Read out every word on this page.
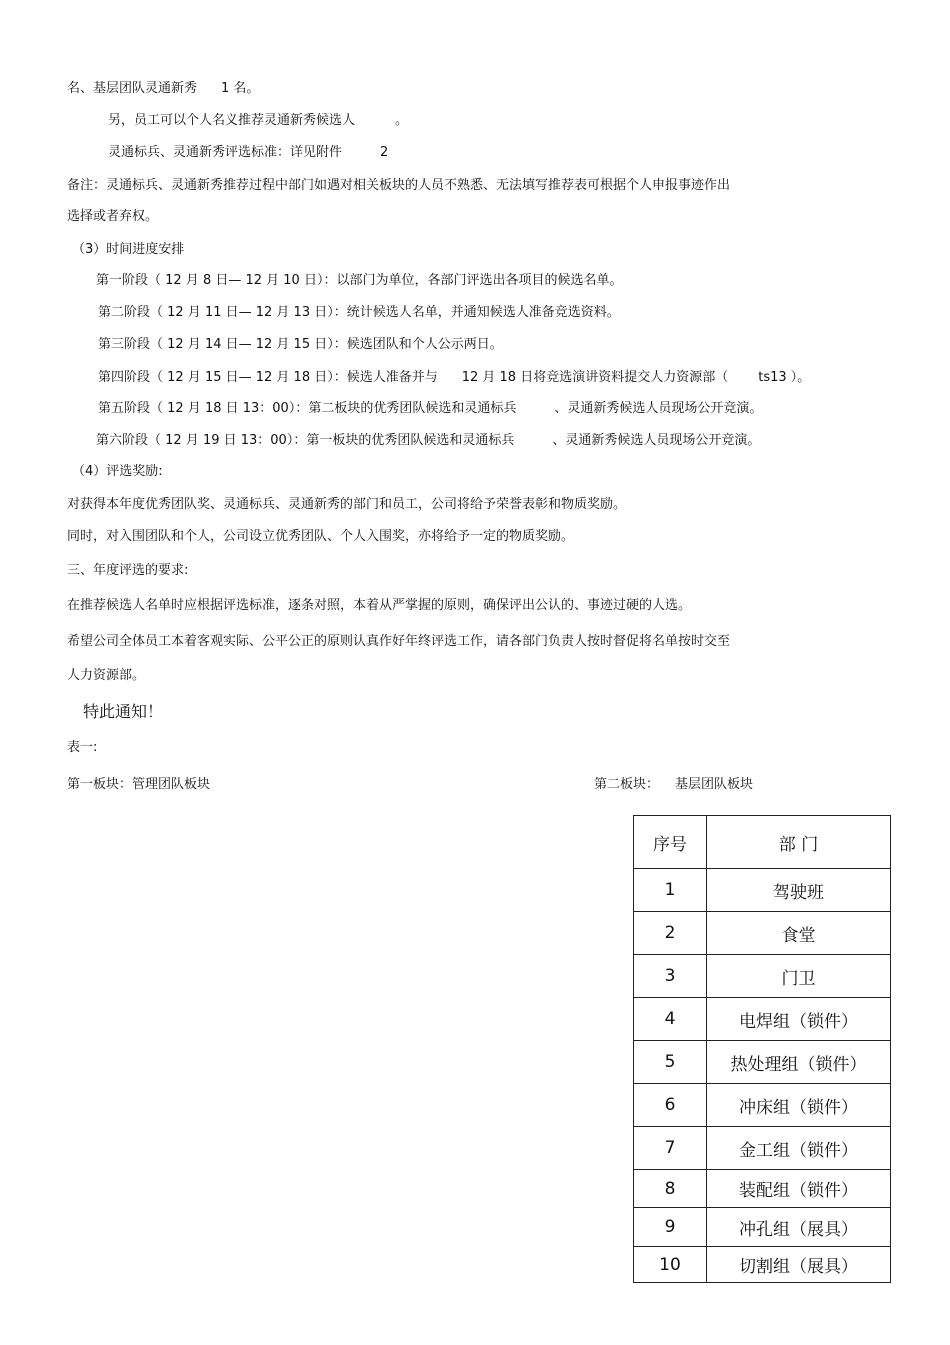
名、基层团队灵通新秀 1 名。
另，员工可以个人名义推荐灵通新秀候选人	。
灵通标兵、灵通新秀评选标准：详见附件	2
备注：灵通标兵、灵通新秀推荐过程中部门如遇对相关板块的人员不熟悉、无法填写推荐表可根据个人申报事迹作出
选择或者弃权。
（3）时间进度安排
第一阶段（ 12 月 8 日— 12 月 10 日）：以部门为单位，各部门评选出各项目的候选名单。
第二阶段（ 12 月 11 日— 12 月 13 日）：统计候选人名单，并通知候选人准备竞选资料。
第三阶段（ 12 月 14 日— 12 月 15 日）：候选团队和个人公示两日。
第四阶段（ 12 月 15 日— 12 月 18 日）：候选人准备并与 12 月 18 日将竞选演讲资料提交人力资源部（ ts13 ）。
第五阶段（ 12 月 18 日 13：00）：第二板块的优秀团队候选和灵通标兵	、灵通新秀候选人员现场公开竞演。
第六阶段（ 12 月 19 日 13：00）：第一板块的优秀团队候选和灵通标兵	、灵通新秀候选人员现场公开竞演。
（4）评选奖励:
对获得本年度优秀团队奖、灵通标兵、灵通新秀的部门和员工，公司将给予荣誉表彰和物质奖励。
同时，对入围团队和个人，公司设立优秀团队、个人入围奖，亦将给予一定的物质奖励。
三、年度评选的要求:
在推荐候选人名单时应根据评选标准，逐条对照，本着从严掌握的原则，确保评出公认的、事迹过硬的人选。
希望公司全体员工本着客观实际、公平公正的原则认真作好年终评选工作，请各部门负责人按时督促将名单按时交至
人力资源部。
特此通知！
表一:
第一板块：管理团队板块	第二板块： 基层团队板块
序号	部 门
1	驾驶班
2	食堂
3	门卫
4	电焊组（锁件）
5	热处理组（锁件）
6	冲床组（锁件）
7	金工组（锁件）
8	装配组（锁件）
9	冲孔组（展具）
10	切割组（展具）
